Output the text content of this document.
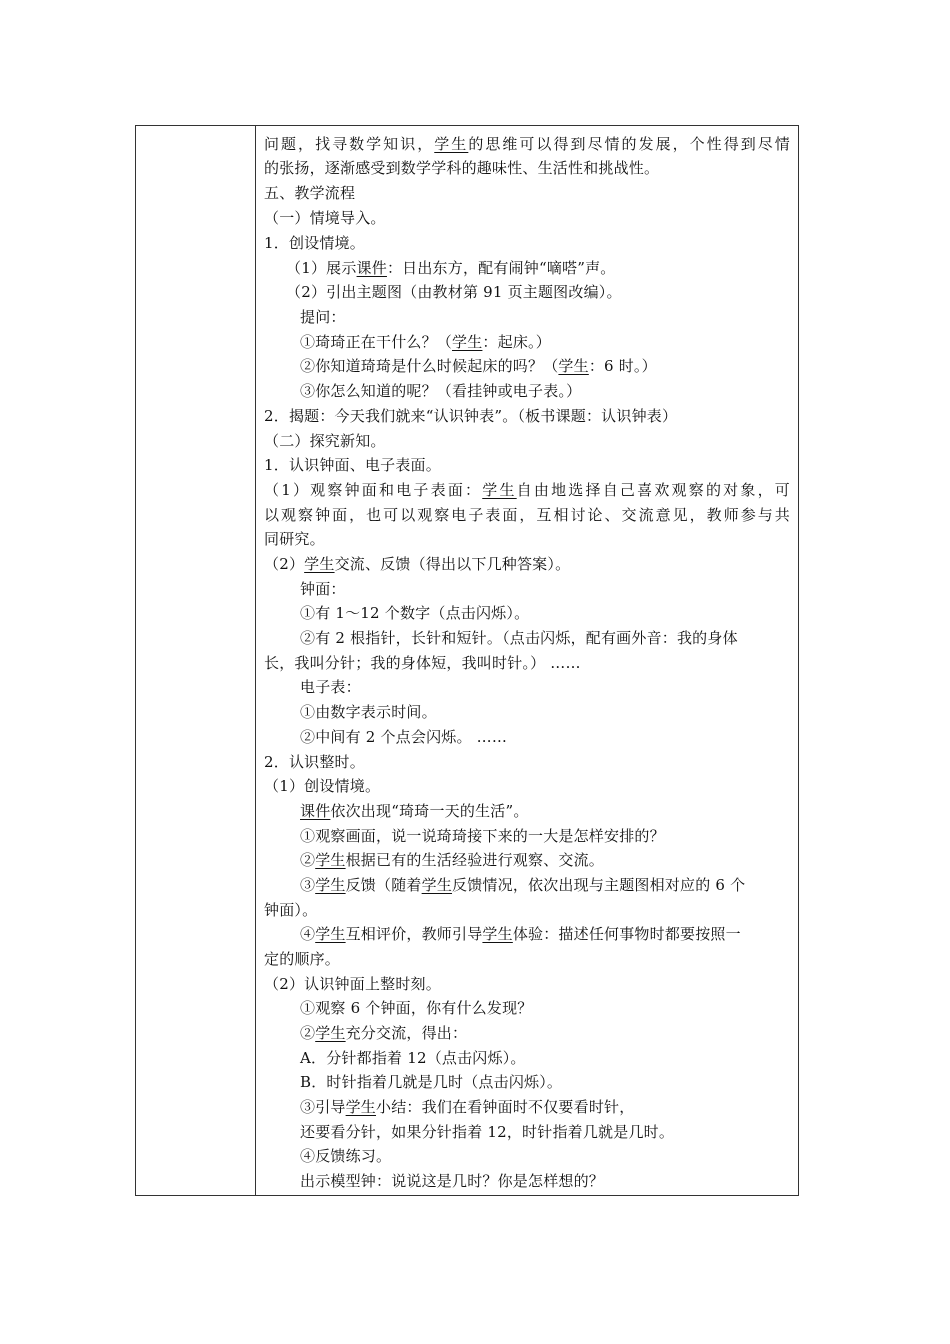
问题，找寻数学知识，学生的思维可以得到尽情的发展，个性得到尽情
的张扬，逐渐感受到数学学科的趣味性、生活性和挑战性。
五、教学流程
（一）情境导入。
1．创设情境。
（1）展示课件：日出东方，配有闹钟“嘀嗒”声。
（2）引出主题图（由教材第 91 页主题图改编）。
提问：
①琦琦正在干什么？（学生：起床。）
②你知道琦琦是什么时候起床的吗？（学生：6 时。）
③你怎么知道的呢？（看挂钟或电子表。）
2．揭题：今天我们就来“认识钟表”。（板书课题：认识钟表）
（二）探究新知。
1．认识钟面、电子表面。
（1）观察钟面和电子表面：学生自由地选择自己喜欢观察的对象，可
以观察钟面，也可以观察电子表面，互相讨论、交流意见，教师参与共
同研究。
（2）学生交流、反馈（得出以下几种答案）。
钟面：
①有 1～12 个数字（点击闪烁）。
②有 2 根指针，长针和短针。（点击闪烁，配有画外音：我的身体
长，我叫分针；我的身体短，我叫时针。） ……
电子表：
①由数字表示时间。
②中间有 2 个点会闪烁。 ……
2．认识整时。
（1）创设情境。
课件依次出现“琦琦一天的生活”。
①观察画面，说一说琦琦接下来的一大是怎样安排的？
②学生根据已有的生活经验进行观察、交流。
③学生反馈（随着学生反馈情况，依次出现与主题图相对应的 6 个
钟面）。
④学生互相评价，教师引导学生体验：描述任何事物时都要按照一
定的顺序。
（2）认识钟面上整时刻。
①观察 6 个钟面，你有什么发现？
②学生充分交流，得出：
A．分针都指着 12（点击闪烁）。
B．时针指着几就是几时（点击闪烁）。
③引导学生小结：我们在看钟面时不仅要看时针，
还要看分针，如果分针指着 12，时针指着几就是几时。
④反馈练习。
出示模型钟：说说这是几时？你是怎样想的？
